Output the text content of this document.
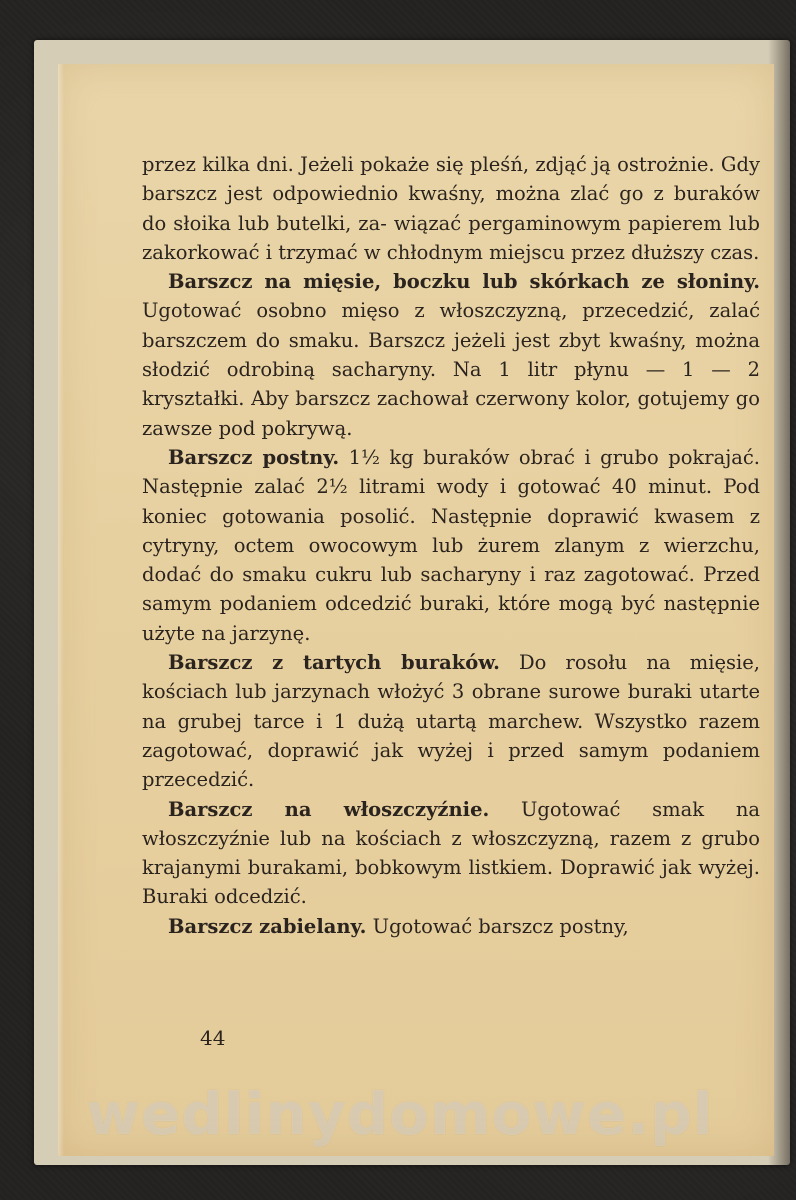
przez kilka dni. Jeżeli pokaże się pleśń, zdjąć ją ostrożnie. Gdy barszcz jest odpowiednio kwaśny, można zlać go z buraków do słoika lub butelki, za- wiązać pergaminowym papierem lub zakorkować i trzymać w chłodnym miejscu przez dłuższy czas.

Barszcz na mięsie, boczku lub skórkach ze słoniny. Ugotować osobno mięso z włoszczyzną, przecedzić, zalać barszczem do smaku. Barszcz jeżeli jest zbyt kwaśny, można słodzić odrobiną sacharyny. Na 1 litr płynu — 1 — 2 kryształki. Aby barszcz zachował czerwony kolor, gotujemy go zawsze pod pokrywą.

Barszcz postny. 1½ kg buraków obrać i grubo pokrajać. Następnie zalać 2½ litrami wody i gotować 40 minut. Pod koniec gotowania posolić. Następnie doprawić kwasem z cytryny, octem owocowym lub żurem zlanym z wierzchu, dodać do smaku cukru lub sacharyny i raz zagotować. Przed samym podaniem odcedzić buraki, które mogą być następnie użyte na jarzynę.

Barszcz z tartych buraków. Do rosołu na mięsie, kościach lub jarzynach włożyć 3 obrane surowe buraki utarte na grubej tarce i 1 dużą utartą marchew. Wszystko razem zagotować, doprawić jak wyżej i przed samym podaniem przecedzić.

Barszcz na włoszczyźnie. Ugotować smak na włoszczyźnie lub na kościach z włoszczyzną, razem z grubo krajanymi burakami, bobkowym listkiem. Doprawić jak wyżej. Buraki odcedzić.

Barszcz zabielany. Ugotować barszcz postny,

44
wedlinydomowe.pl
